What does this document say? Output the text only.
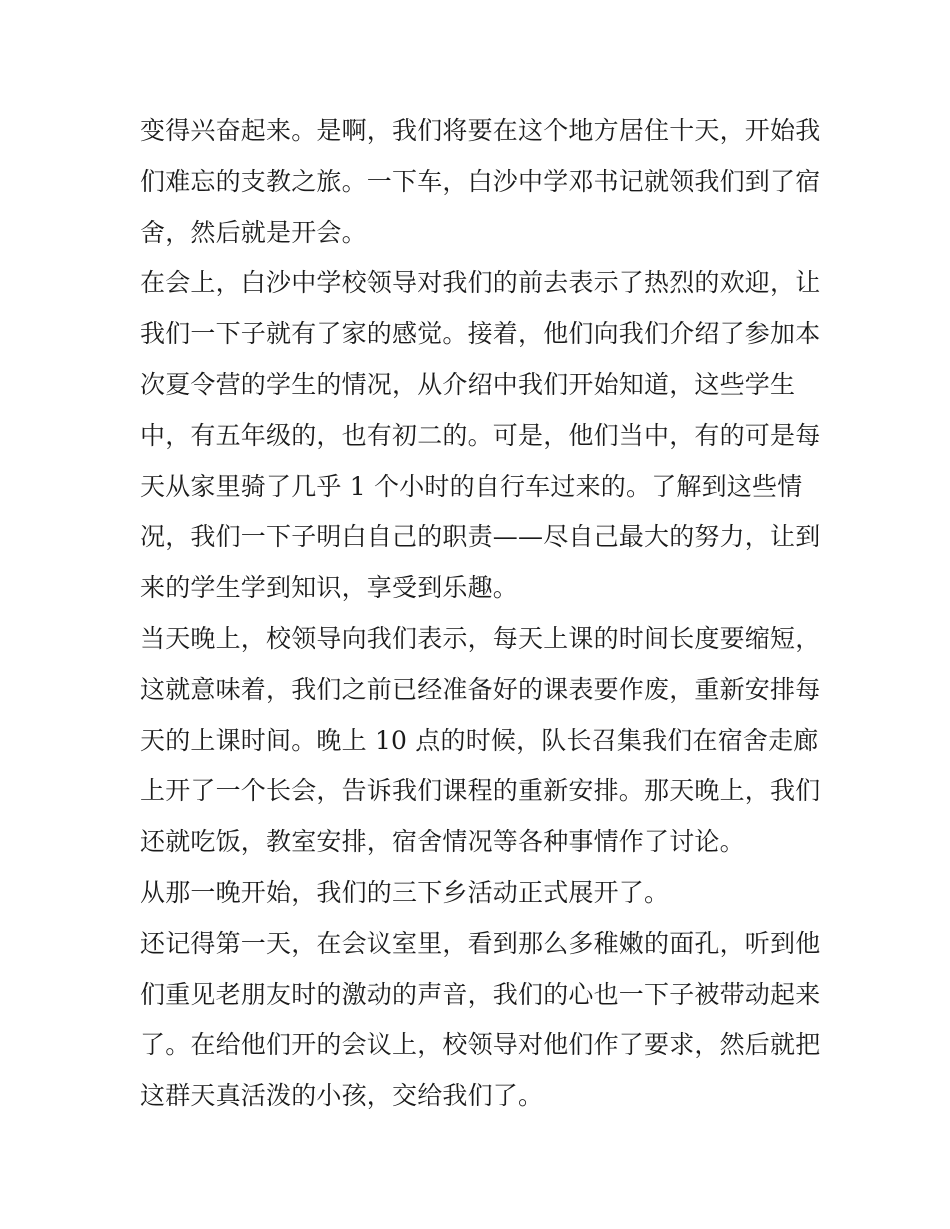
变得兴奋起来。是啊，我们将要在这个地方居住十天，开始我
们难忘的支教之旅。一下车，白沙中学邓书记就领我们到了宿
舍，然后就是开会。
在会上，白沙中学校领导对我们的前去表示了热烈的欢迎，让
我们一下子就有了家的感觉。接着，他们向我们介绍了参加本
次夏令营的学生的情况，从介绍中我们开始知道，这些学生
中，有五年级的，也有初二的。可是，他们当中，有的可是每
天从家里骑了几乎 1 个小时的自行车过来的。了解到这些情
况，我们一下子明白自己的职责——尽自己最大的努力，让到
来的学生学到知识，享受到乐趣。
当天晚上，校领导向我们表示，每天上课的时间长度要缩短，
这就意味着，我们之前已经准备好的课表要作废，重新安排每
天的上课时间。晚上 10 点的时候，队长召集我们在宿舍走廊
上开了一个长会，告诉我们课程的重新安排。那天晚上，我们
还就吃饭，教室安排，宿舍情况等各种事情作了讨论。
从那一晚开始，我们的三下乡活动正式展开了。
还记得第一天，在会议室里，看到那么多稚嫩的面孔，听到他
们重见老朋友时的激动的声音，我们的心也一下子被带动起来
了。在给他们开的会议上，校领导对他们作了要求，然后就把
这群天真活泼的小孩，交给我们了。
